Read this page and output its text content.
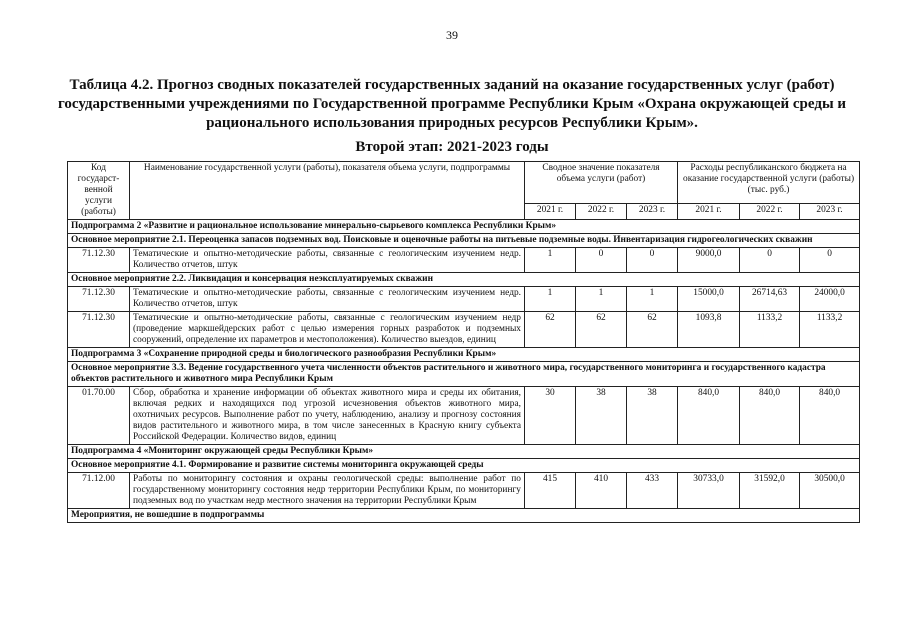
39
Таблица 4.2. Прогноз сводных показателей государственных заданий на оказание государственных услуг (работ) государственными учреждениями по Государственной программе Республики Крым «Охрана окружающей среды и рационального использования природных ресурсов Республики Крым».
Второй этап: 2021-2023 годы
Код государст-венной услуги (работы)	Наименование государственной услуги (работы), показателя объема услуги, подпрограммы	Сводное значение показателя объема услуги (работ)			Расходы республиканского бюджета на оказание государственной услуги (работы) (тыс. руб.)		
		2021 г.	2022 г.	2023 г.	2021 г.	2022 г.	2023 г.
Подпрограмма 2 «Развитие и рациональное использование минерально-сырьевого комплекса Республики Крым»							
Основное мероприятие 2.1. Переоценка запасов подземных вод. Поисковые и оценочные работы на питьевые подземные воды. Инвентаризация гидрогеологических скважин							
71.12.30	Тематические и опытно-методические работы, связанные с геологическим изучением недр. Количество отчетов, штук	1	0	0	9000,0	0	0
Основное мероприятие 2.2. Ликвидация и консервация неэксплуатируемых скважин							
71.12.30	Тематические и опытно-методические работы, связанные с геологическим изучением недр. Количество отчетов, штук	1	1	1	15000,0	26714,63	24000,0
71.12.30	Тематические и опытно-методические работы, связанные с геологическим изучением недр (проведение маркшейдерских работ с целью измерения горных разработок и подземных сооружений, определение их параметров и местоположения). Количество выездов, единиц	62	62	62	1093,8	1133,2	1133,2
Подпрограмма 3 «Сохранение природной среды и биологического разнообразия Республики Крым»							
Основное мероприятие 3.3. Ведение государственного учета численности объектов растительного и животного мира, государственного мониторинга и государственного кадастра объектов растительного и животного мира Республики Крым							
01.70.00	Сбор, обработка и хранение информации об объектах животного мира и среды их обитания, включая редких и находящихся под угрозой исчезновения объектов животного мира, охотничьих ресурсов. Выполнение работ по учету, наблюдению, анализу и прогнозу состояния видов растительного и животного мира, в том числе занесенных в Красную книгу субъекта Российской Федерации. Количество видов, единиц	30	38	38	840,0	840,0	840,0
Подпрограмма 4 «Мониторинг окружающей среды Республики Крым»							
Основное мероприятие 4.1. Формирование и развитие системы мониторинга окружающей среды							
71.12.00	Работы по мониторингу состояния и охраны геологической среды: выполнение работ по государственному мониторингу состояния недр территории Республики Крым, по мониторингу подземных вод по участкам недр местного значения на территории Республики Крым	415	410	433	30733,0	31592,0	30500,0
Мероприятия, не вошедшие в подпрограммы							
